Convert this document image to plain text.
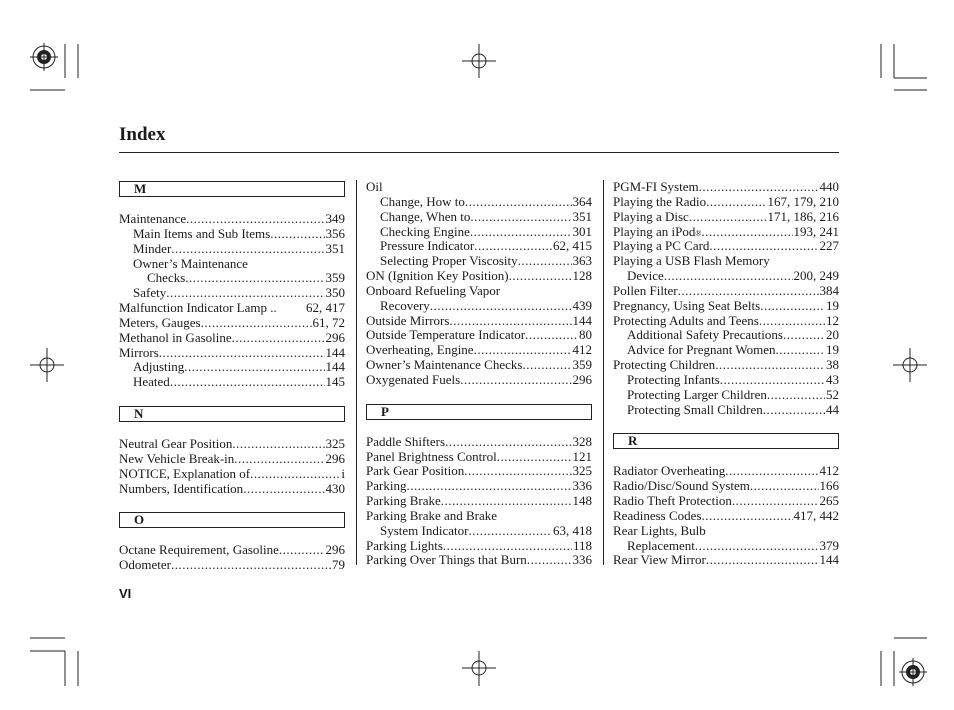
Index
M
Maintenance .....	349
Main Items and Sub Items .....	356
Minder .....	351
Owner’s Maintenance
Checks .....	359
Safety .....	350
Malfunction Indicator Lamp .. 62, 417
Meters, Gauges .....	61, 72
Methanol in Gasoline .....	296
Mirrors .....	144
Adjusting .....	144
Heated .....	145
N
Neutral Gear Position .....	325
New Vehicle Break-in .....	296
NOTICE, Explanation of .....	i
Numbers, Identification .....	430
O
Octane Requirement, Gasoline .....	296
Odometer .....	79
Oil
Change, How to .....	364
Change, When to .....	351
Checking Engine .....	301
Pressure Indicator .....	62, 415
Selecting Proper Viscosity .....	363
ON (Ignition Key Position) .....	128
Onboard Refueling Vapor
Recovery .....	439
Outside Mirrors .....	144
Outside Temperature Indicator .....	80
Overheating, Engine .....	412
Owner’s Maintenance Checks .....	359
Oxygenated Fuels .....	296
P
Paddle Shifters .....	328
Panel Brightness Control .....	121
Park Gear Position .....	325
Parking .....	336
Parking Brake .....	148
Parking Brake and Brake
System Indicator .....	63, 418
Parking Lights .....	118
Parking Over Things that Burn .....	336
PGM-FI System .....	440
Playing the Radio .....	167, 179, 210
Playing a Disc .....	171, 186, 216
Playing an iPod ® .....	193, 241
Playing a PC Card .....	227
Playing a USB Flash Memory
Device .....	200, 249
Pollen Filter .....	384
Pregnancy, Using Seat Belts .....	19
Protecting Adults and Teens .....	12
Additional Safety Precautions .....	20
Advice for Pregnant Women .....	19
Protecting Children .....	38
Protecting Infants .....	43
Protecting Larger Children .....	52
Protecting Small Children .....	44
R
Radiator Overheating .....	412
Radio/Disc/Sound System .....	166
Radio Theft Protection .....	265
Readiness Codes .....	417, 442
Rear Lights, Bulb
Replacement .....	379
Rear View Mirror .....	144
VI
